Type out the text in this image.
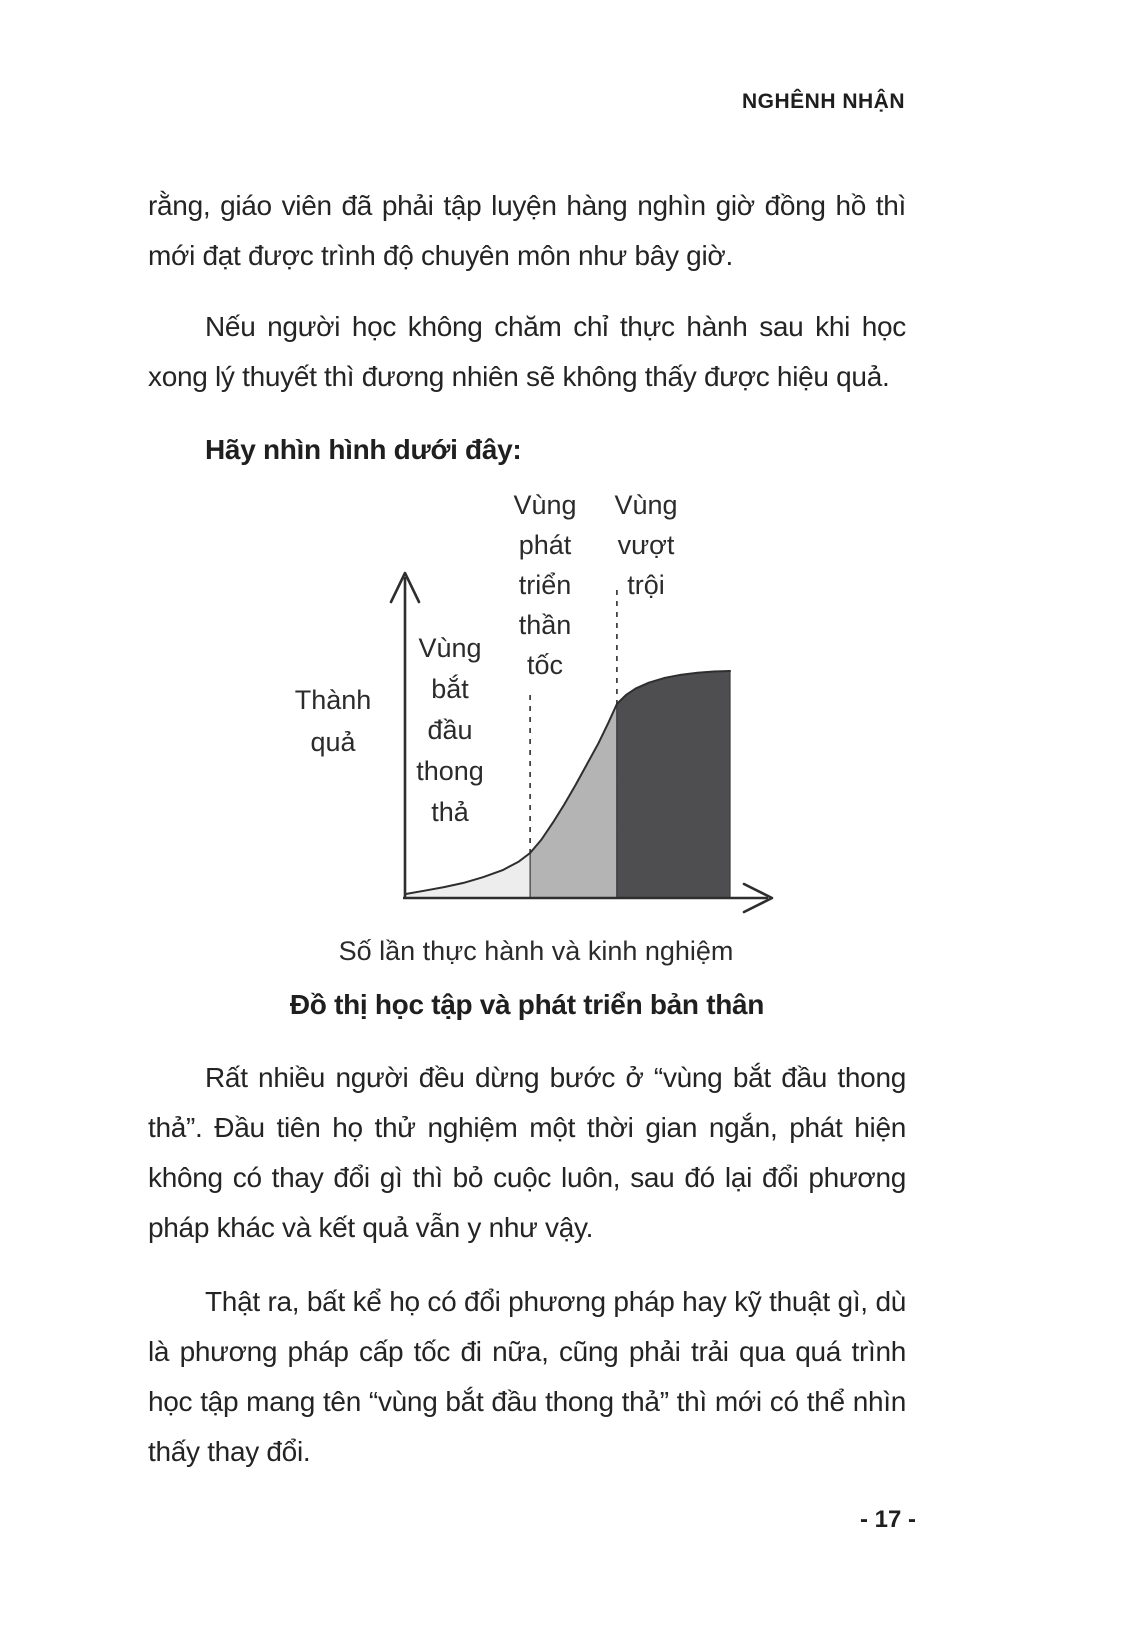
NGHÊNH NHẬN
rằng, giáo viên đã phải tập luyện hàng nghìn giờ đồng hồ thì mới đạt được trình độ chuyên môn như bây giờ.
Nếu người học không chăm chỉ thực hành sau khi học xong lý thuyết thì đương nhiên sẽ không thấy được hiệu quả.
Hãy nhìn hình dưới đây:
Thành quả
Vùng bắt đầu thong thả
Vùng phát triển thần tốc
Vùng vượt trội
Số lần thực hành và kinh nghiệm
Đồ thị học tập và phát triển bản thân
Rất nhiều người đều dừng bước ở “vùng bắt đầu thong thả”. Đầu tiên họ thử nghiệm một thời gian ngắn, phát hiện không có thay đổi gì thì bỏ cuộc luôn, sau đó lại đổi phương pháp khác và kết quả vẫn y như vậy.
Thật ra, bất kể họ có đổi phương pháp hay kỹ thuật gì, dù là phương pháp cấp tốc đi nữa, cũng phải trải qua quá trình học tập mang tên “vùng bắt đầu thong thả” thì mới có thể nhìn thấy thay đổi.
- 17 -
